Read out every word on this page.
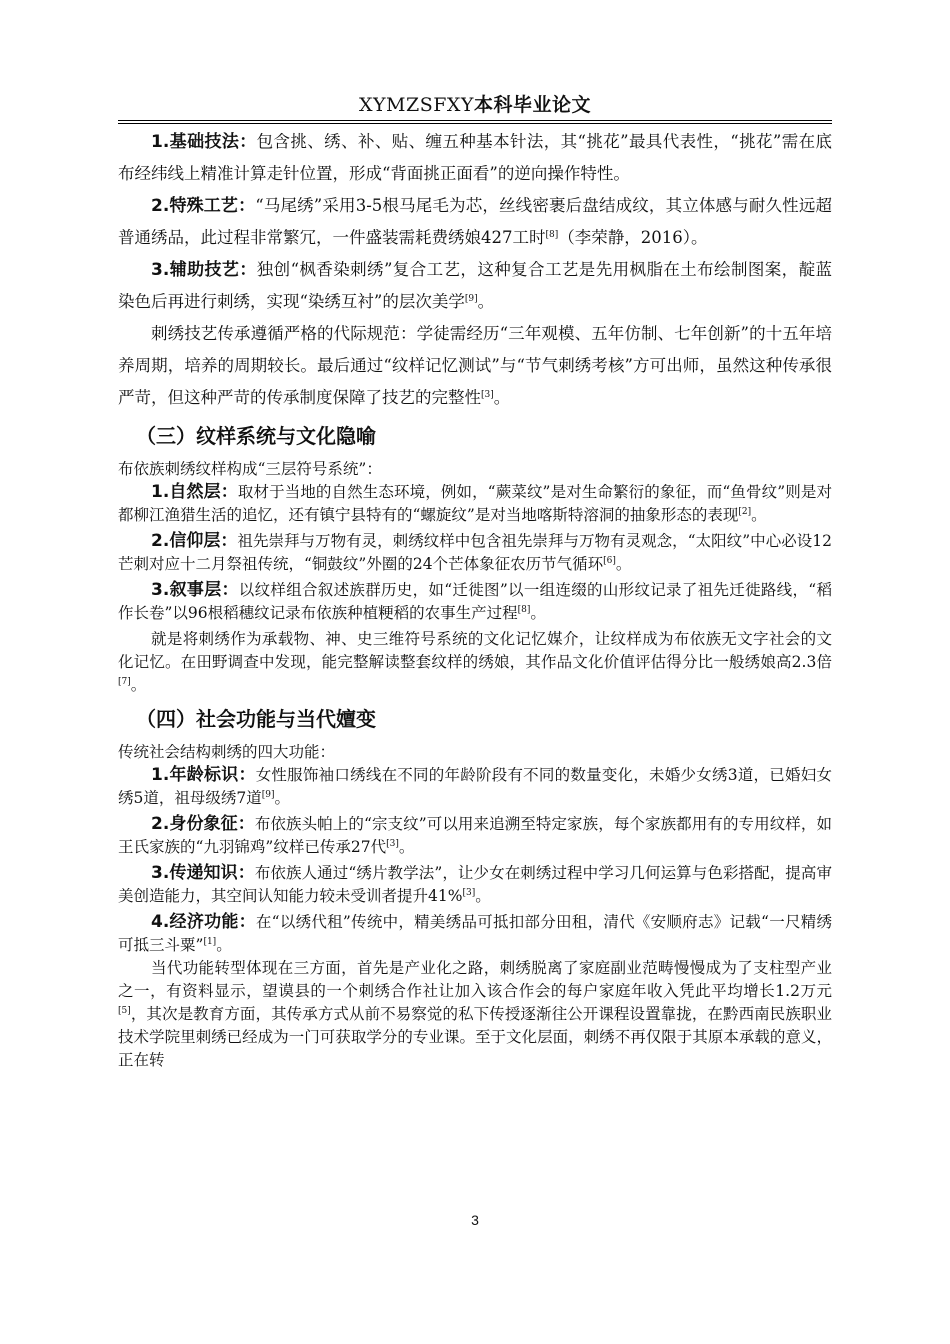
XYMZSFXY本科毕业论文

1.基础技法：包含挑、绣、补、贴、缠五种基本针法，其“挑花”最具代表性，“挑花”需在底布经纬线上精准计算走针位置，形成“背面挑正面看”的逆向操作特性。

2.特殊工艺：“马尾绣”采用3-5根马尾毛为芯，丝线密裹后盘结成纹，其立体感与耐久性远超普通绣品，此过程非常繁冗，一件盛装需耗费绣娘427工时[8]（李荣静，2016）。

3.辅助技艺：独创“枫香染刺绣”复合工艺，这种复合工艺是先用枫脂在土布绘制图案，靛蓝染色后再进行刺绣，实现“染绣互衬”的层次美学[9]。

刺绣技艺传承遵循严格的代际规范：学徒需经历“三年观模、五年仿制、七年创新”的十五年培养周期，培养的周期较长。最后通过“纹样记忆测试”与“节气刺绣考核”方可出师，虽然这种传承很严苛，但这种严苛的传承制度保障了技艺的完整性[3]。

（三）纹样系统与文化隐喻

布依族刺绣纹样构成“三层符号系统”：

1.自然层：取材于当地的自然生态环境，例如，“蕨菜纹”是对生命繁衍的象征，而“鱼骨纹”则是对都柳江渔猎生活的追忆，还有镇宁县特有的“螺旋纹”是对当地喀斯特溶洞的抽象形态的表现[2]。

2.信仰层：祖先崇拜与万物有灵，刺绣纹样中包含祖先崇拜与万物有灵观念，“太阳纹”中心必设12芒刺对应十二月祭祖传统，“铜鼓纹”外圈的24个芒体象征农历节气循环[6]。

3.叙事层：以纹样组合叙述族群历史，如“迁徙图”以一组连缀的山形纹记录了祖先迁徙路线，“稻作长卷”以96根稻穗纹记录布依族种植粳稻的农事生产过程[8]。

就是将刺绣作为承载物、神、史三维符号系统的文化记忆媒介，让纹样成为布依族无文字社会的文化记忆。在田野调查中发现，能完整解读整套纹样的绣娘，其作品文化价值评估得分比一般绣娘高2.3倍[7]。

（四）社会功能与当代嬗变

传统社会结构刺绣的四大功能：

1.年龄标识：女性服饰袖口绣线在不同的年龄阶段有不同的数量变化，未婚少女绣3道，已婚妇女绣5道，祖母级绣7道[9]。

2.身份象征：布依族头帕上的“宗支纹”可以用来追溯至特定家族，每个家族都用有的专用纹样，如王氏家族的“九羽锦鸡”纹样已传承27代[3]。

3.传递知识：布依族人通过“绣片教学法”，让少女在刺绣过程中学习几何运算与色彩搭配，提高审美创造能力，其空间认知能力较未受训者提升41%[3]。

4.经济功能：在“以绣代租”传统中，精美绣品可抵扣部分田租，清代《安顺府志》记载“一尺精绣可抵三斗粟”[1]。

当代功能转型体现在三方面，首先是产业化之路，刺绣脱离了家庭副业范畴慢慢成为了支柱型产业之一，有资料显示，望谟县的一个刺绣合作社让加入该合作会的每户家庭年收入凭此平均增长1.2万元[5]，其次是教育方面，其传承方式从前不易察觉的私下传授逐渐往公开课程设置靠拢，在黔西南民族职业技术学院里刺绣已经成为一门可获取学分的专业课。至于文化层面，刺绣不再仅限于其原本承载的意义，正在转

3
